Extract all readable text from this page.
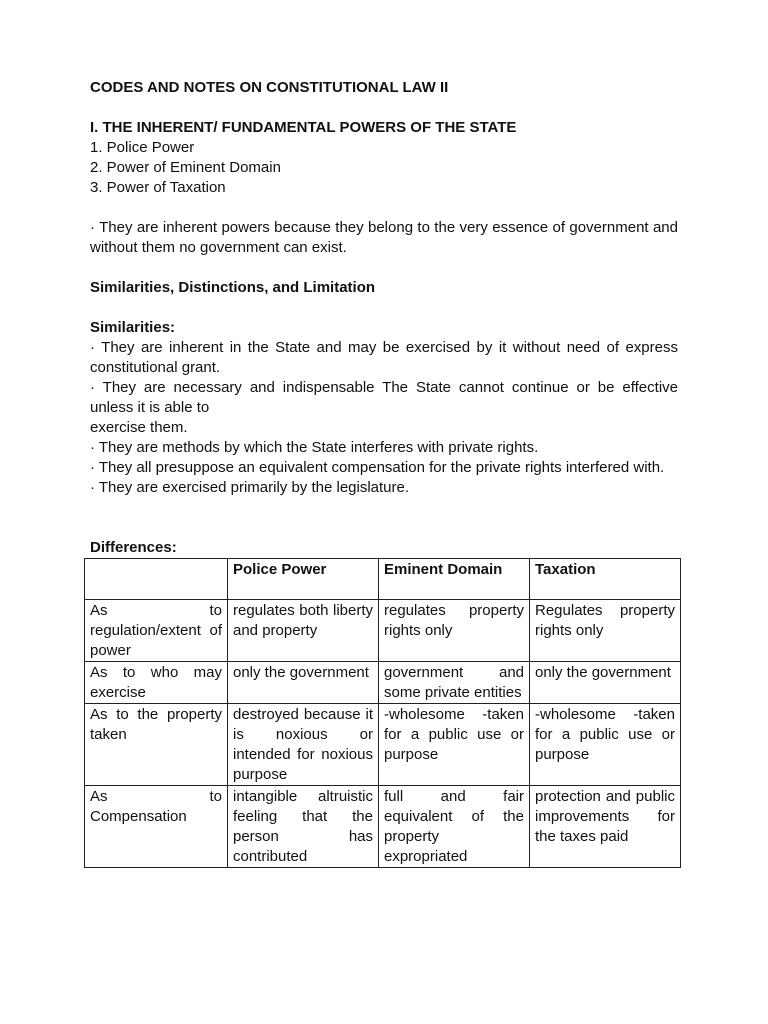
CODES AND NOTES ON CONSTITUTIONAL LAW II

I. THE INHERENT/ FUNDAMENTAL POWERS OF THE STATE

1. Police Power
2. Power of Eminent Domain
3. Power of Taxation

· They are inherent powers because they belong to the very essence of government and without them no government can exist.

Similarities, Distinctions, and Limitation

Similarities:

· They are inherent in the State and may be exercised by it without need of express constitutional grant.

· They are necessary and indispensable The State cannot continue or be effective unless it is able to

exercise them.

· They are methods by which the State interferes with private rights.

· They all presuppose an equivalent compensation for the private rights interfered with.

· They are exercised primarily by the legislature.

Differences:

	Police Power	Eminent Domain	Taxation
As to regulation/extent of power	regulates both liberty and property	regulates property rights only	Regulates property rights only
As to who may exercise	only the government	government and some private entities	only the government
As to the property taken	destroyed because it is noxious or intended for noxious purpose	-wholesome -taken for a public use or purpose	-wholesome -taken for a public use or purpose
As to Compensation	intangible altruistic feeling that the person has contributed	full and fair equivalent of the property expropriated	protection and public improvements for the taxes paid
